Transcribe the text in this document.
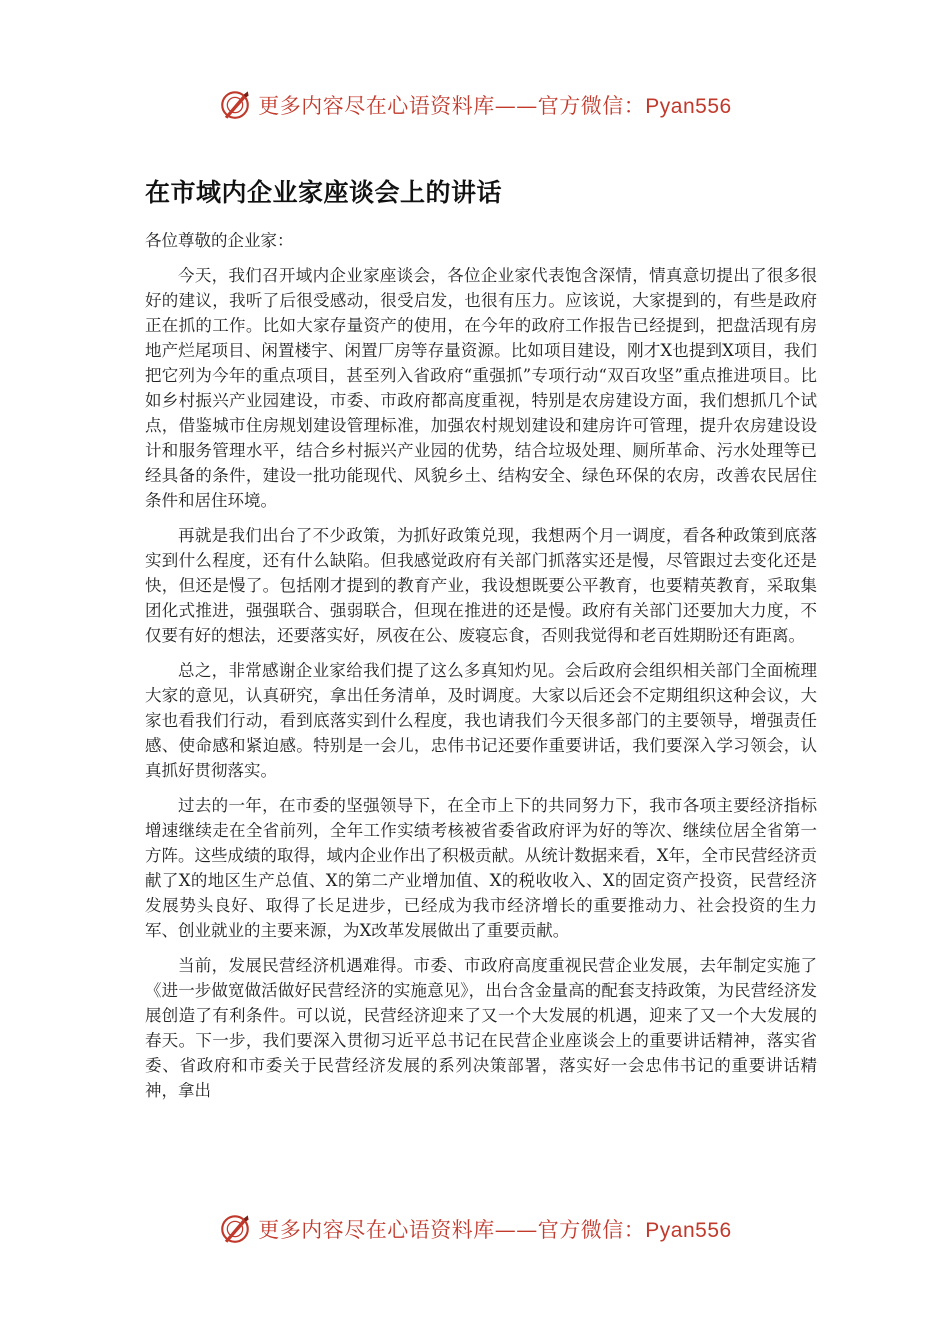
更多内容尽在心语资料库——官方微信：Pyan556
在市域内企业家座谈会上的讲话
各位尊敬的企业家：

今天，我们召开域内企业家座谈会，各位企业家代表饱含深情，情真意切提出了很多很好的建议，我听了后很受感动，很受启发，也很有压力。应该说，大家提到的，有些是政府正在抓的工作。比如大家存量资产的使用，在今年的政府工作报告已经提到，把盘活现有房地产烂尾项目、闲置楼宇、闲置厂房等存量资源。比如项目建设，刚才X也提到X项目，我们把它列为今年的重点项目，甚至列入省政府“重强抓”专项行动“双百攻坚”重点推进项目。比如乡村振兴产业园建设，市委、市政府都高度重视，特别是农房建设方面，我们想抓几个试点，借鉴城市住房规划建设管理标准，加强农村规划建设和建房许可管理，提升农房建设设计和服务管理水平，结合乡村振兴产业园的优势，结合垃圾处理、厕所革命、污水处理等已经具备的条件，建设一批功能现代、风貌乡土、结构安全、绿色环保的农房，改善农民居住条件和居住环境。

再就是我们出台了不少政策，为抓好政策兑现，我想两个月一调度，看各种政策到底落实到什么程度，还有什么缺陷。但我感觉政府有关部门抓落实还是慢，尽管跟过去变化还是快，但还是慢了。包括刚才提到的教育产业，我设想既要公平教育，也要精英教育，采取集团化式推进，强强联合、强弱联合，但现在推进的还是慢。政府有关部门还要加大力度，不仅要有好的想法，还要落实好，夙夜在公、废寝忘食，否则我觉得和老百姓期盼还有距离。

总之，非常感谢企业家给我们提了这么多真知灼见。会后政府会组织相关部门全面梳理大家的意见，认真研究，拿出任务清单，及时调度。大家以后还会不定期组织这种会议，大家也看我们行动，看到底落实到什么程度，我也请我们今天很多部门的主要领导，增强责任感、使命感和紧迫感。特别是一会儿，忠伟书记还要作重要讲话，我们要深入学习领会，认真抓好贯彻落实。

过去的一年，在市委的坚强领导下，在全市上下的共同努力下，我市各项主要经济指标增速继续走在全省前列，全年工作实绩考核被省委省政府评为好的等次、继续位居全省第一方阵。这些成绩的取得，域内企业作出了积极贡献。从统计数据来看，X年，全市民营经济贡献了X的地区生产总值、X的第二产业增加值、X的税收收入、X的固定资产投资，民营经济发展势头良好、取得了长足进步，已经成为我市经济增长的重要推动力、社会投资的生力军、创业就业的主要来源，为X改革发展做出了重要贡献。

当前，发展民营经济机遇难得。市委、市政府高度重视民营企业发展，去年制定实施了《进一步做宽做活做好民营经济的实施意见》，出台含金量高的配套支持政策，为民营经济发展创造了有利条件。可以说，民营经济迎来了又一个大发展的机遇，迎来了又一个大发展的春天。下一步，我们要深入贯彻习近平总书记在民营企业座谈会上的重要讲话精神，落实省委、省政府和市委关于民营经济发展的系列决策部署，落实好一会忠伟书记的重要讲话精神，拿出

更多内容尽在心语资料库——官方微信：Pyan556
